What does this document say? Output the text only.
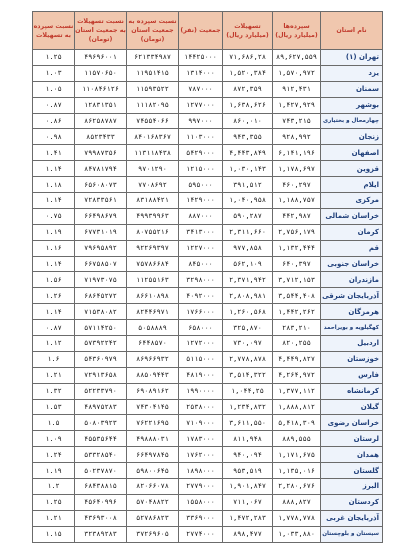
نام استان	سپرده‌ها (میلیارد ریال)	تسهیلات (میلیارد ریال)	جمعیت (نفر)	نسبت سپرده به جمعیت استان (تومان)	نسبت تسهیلات به جمعیت استان (تومان)	نسبت سپرده به تسهیلات
تهران (۱)	۸۹,۶۲۷,۵۵۹	۷۱,۶۸۶,۲۸	۱۴۴۲۵۰۰۰	۶۲۱۳۳۴۹۸۷	۴۹۶۹۶۰۰۱	۱.۲۵
یزد	۱,۵۷۰,۹۷۲	۱,۵۲۰,۳۸۴	۱۳۱۴۰۰۰	۱۱۹۵۱۴۱۵	۱۱۵۷۰۶۵۰	۱.۰۳
سمنان	۹۱۲,۴۳۱	۸۷۲,۳۵۹	۷۸۷۰۰۰	۱۱۵۹۳۵۲۲	۱۱۰۸۴۶۱۲۶	۱.۰۵
بوشهر	۱,۴۲۷,۹۲۹	۱,۶۳۸,۶۲۶	۱۲۷۷۰۰۰	۱۱۱۸۲۰۹۵	۱۲۸۳۱۳۵۱	۰.۸۷
چهارمحال و بختیاری	۷۴۳,۲۱۵	۸۶۰,۰۱۰	۹۹۷۰۰۰	۷۴۵۵۴۰۶۶	۸۶۲۵۸۷۸۷	۰.۸۶
زنجان	۹۲۸,۹۹۲	۹۴۳,۳۵۵	۱۱۰۳۰۰۰	۸۴۰۱۶۸۳۶۷	۸۵۲۳۴۳۳	۰.۹۸
اصفهان	۶,۱۴۱,۱۹۶	۴,۴۴۳,۸۴۹	۵۴۲۹۰۰۰	۱۱۳۱۱۸۴۳۸	۷۹۹۸۷۳۵۶	۱.۴۱
قزوین	۱,۱۷۸,۶۹۷	۱,۰۳۰,۱۴۳	۱۲۱۵۰۰۰	۹۷۰۱۲۹۰	۸۴۷۸۱۷۹۴	۱.۱۴
ایلام	۴۶۰,۲۹۷	۳۹۱,۵۱۲	۵۹۵۰۰۰	۷۷۰۸۶۹۲	۶۵۶۰۸۰۷۳	۱.۱۸
مرکزی	۱,۱۸۸,۷۵۷	۱,۰۴۰,۹۵۸	۱۴۲۹۰۰۰	۸۳۱۸۸۴۲۱	۷۲۸۳۳۵۶۱	۱.۱۴
خراسان شمالی	۴۴۲,۹۸۷	۵۹۰,۲۸۷	۸۸۷۰۰۰	۴۹۹۳۹۹۶۳	۶۶۴۹۸۶۷۹	۰.۷۵
کرمان	۲,۷۵۶,۱۷۹	۲,۳۱۱,۶۶۰	۳۴۱۳۰۰۰	۸۰۷۵۵۲۱۶	۶۷۷۳۱۰۱۹	۱.۱۹
قم	۱,۱۳۲,۴۴۴	۹۷۷,۸۵۸	۱۲۲۷۰۰۰	۹۲۲۶۹۳۹۷	۷۹۶۹۵۸۹۲	۱.۱۶
خراسان جنوبی	۶۴۰,۳۹۷	۵۶۲,۱۰۹	۸۴۵۰۰۰	۷۵۷۸۶۶۸۴	۶۶۷۵۸۵۰۷	۱.۱۴
مازندران	۳,۷۱۲,۱۵۳	۲,۳۷۱,۹۴۲	۳۲۹۸۰۰۰	۱۱۲۵۵۱۶۳	۷۱۹۷۳۰۷۵	۱.۵۶
آذربایجان شرقی	۳,۵۴۴,۴۰۸	۲,۸۰۸,۹۸۱	۴۰۹۲۰۰۰	۸۶۶۱۰۸۹۸	۶۸۶۴۵۲۷۲	۱.۲۶
هرمزگان	۱,۴۴۲,۲۶۲	۱,۲۶۰,۵۶۸	۱۷۶۶۰۰۰	۸۲۴۴۶۹۷۱	۷۱۵۳۸۰۸۲	۱.۱۴
کهگیلویه و بویراحمد	۲۸۳,۲۱۰	۳۲۵,۸۷۰	۶۵۸۰۰۰	۵۰۵۸۸۸۹	۵۷۱۱۴۲۵۰	۰.۸۷
اردبیل	۸۲۰,۲۵۵	۷۳۰,۰۹۷	۱۲۷۲۰۰۰	۶۴۴۸۵۷۰	۵۷۳۹۲۲۴۲	۱.۱۲
خوزستان	۴,۴۴۹,۸۲۷	۲,۷۷۸,۸۷۸	۵۱۱۵۰۰۰	۸۶۹۶۶۹۳۲	۵۴۳۶۰۹۷۹	۱.۶
فارس	۴,۲۶۴,۹۷۲	۳,۵۱۴,۳۲۲	۴۸۱۹۰۰۰	۸۸۵۰۹۴۴۳	۷۲۹۱۳۶۵۸	۱.۲۱
کرمانشاه	۱,۳۷۷,۱۱۲	۱,۰۴۴,۲۵	۱۹۹۰۰۰۰	۶۹۰۸۹۱۶۲	۵۲۲۳۳۷۹۰	۱.۳۲
گیلان	۱,۸۸۸,۸۱۲	۱,۲۳۴,۸۳۲	۲۵۳۸۰۰۰	۷۴۳۰۴۱۴۵	۴۸۹۷۵۲۸۳	۱.۵۳
خراسان رضوی	۵,۴۱۸,۳۰۹	۳,۶۱۱,۵۵۰	۷۱۰۹۰۰۰	۷۶۲۲۱۶۹۵	۵۰۸۰۳۹۲۳	۱.۵
لرستان	۸۸۹,۵۵۵	۸۱۱,۹۴۸	۱۷۸۳۰۰۰	۴۹۸۸۸۰۳۱	۴۵۵۳۵۶۴۴	۱.۰۹
همدان	۱,۱۷۱,۶۷۵	۹۴۰,۰۹۴	۱۷۶۲۰۰۰	۶۶۴۹۷۸۴۵	۵۳۳۲۸۵۴۰	۱.۲۴
گلستان	۱,۱۳۵,۰۱۶	۹۵۳,۵۱۹	۱۸۹۸۰۰۰	۵۹۸۰۰۶۴۵	۵۰۲۳۷۸۷۰	۱.۱۹
البرز	۲,۲۸۰,۶۷۶	۱,۹۰۱,۸۴۷	۲۷۷۹۰۰۰	۸۲۰۶۶۰۷۸	۶۸۴۳۸۸۱۵	۱.۲
کردستان	۸۸۸,۸۲۷	۷۱۱,۰۶۷	۱۵۵۸۰۰۰	۵۷۰۴۸۸۲۲	۴۵۶۴۰۹۹۶	۱.۲۵
آذربایجان غربی	۱,۷۷۸,۷۷۸	۱,۴۷۲,۲۸۳	۳۳۶۹۰۰۰	۵۲۷۸۶۸۲۳	۴۳۶۹۳۰۰۸	۱.۲۱
سیستان و بلوچستان	۱,۰۳۳,۸۸۰	۸۹۸,۴۷۷	۲۷۷۴۰۰۰	۳۷۲۶۹۶۰۵	۳۲۳۸۹۲۸۳	۱.۱۵
